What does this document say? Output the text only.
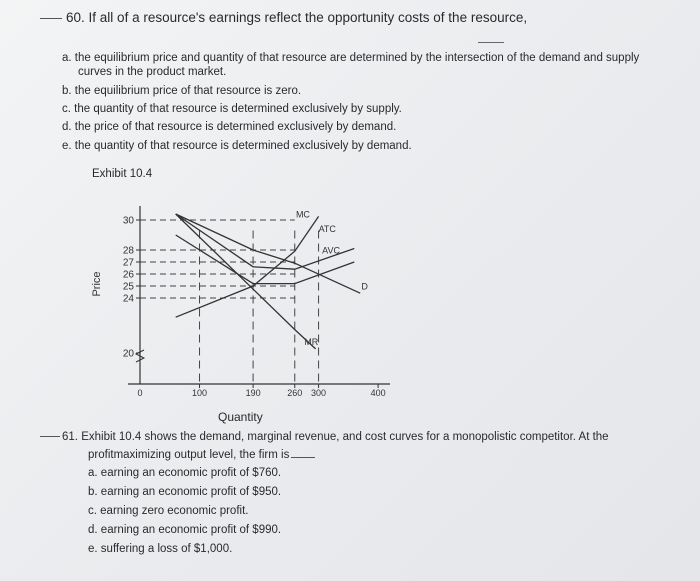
60. If all of a resource's earnings reflect the opportunity costs of the resource,
a. the equilibrium price and quantity of that resource are determined by the intersection of the demand and supply
curves in the product market.
b. the equilibrium price of that resource is zero.
c. the quantity of that resource is determined exclusively by supply.
d. the price of that resource is determined exclusively by demand.
e. the quantity of that resource is determined exclusively by demand.
Exhibit 10.4
Price
20
24
25
26
27
28
30
0	100	190	260 300	400
MC
ATC
AVC
D
MR
Quantity
61. Exhibit 10.4 shows the demand, marginal revenue, and cost curves for a monopolistic competitor. At the
profitmaximizing output level, the firm is
a. earning an economic profit of $760.
b. earning an economic profit of $950.
c. earning zero economic profit.
d. earning an economic profit of $990.
e. suffering a loss of $1,000.
